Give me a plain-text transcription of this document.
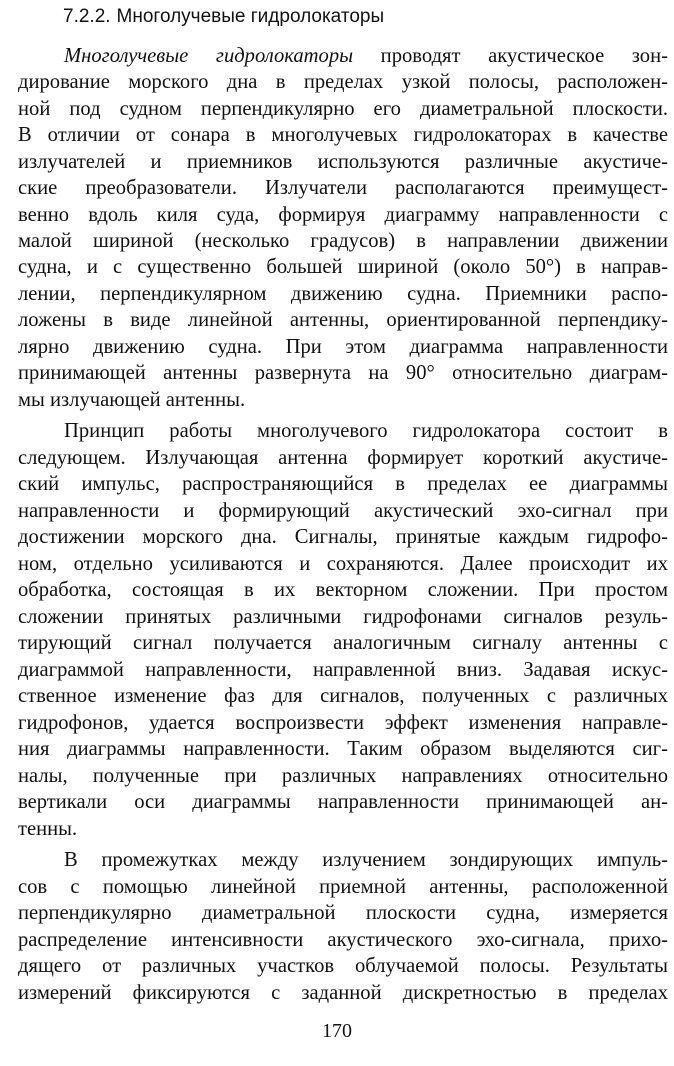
7.2.2. Многолучевые гидролокаторы
Многолучевые гидролокаторы проводят акустическое зон-
дирование морского дна в пределах узкой полосы, расположен-
ной под судном перпендикулярно его диаметральной плоскости.
В отличии от сонара в многолучевых гидролокаторах в качестве
излучателей и приемников используются различные акустиче-
ские преобразователи. Излучатели располагаются преимущест-
венно вдоль киля суда, формируя диаграмму направленности с
малой шириной (несколько градусов) в направлении движении
судна, и с существенно большей шириной (около 50°) в направ-
лении, перпендикулярном движению судна. Приемники распо-
ложены в виде линейной антенны, ориентированной перпендику-
лярно движению судна. При этом диаграмма направленности
принимающей антенны развернута на 90° относительно диаграм-
мы излучающей антенны.
Принцип работы многолучевого гидролокатора состоит в
следующем. Излучающая антенна формирует короткий акустиче-
ский импульс, распространяющийся в пределах ее диаграммы
направленности и формирующий акустический эхо-сигнал при
достижении морского дна. Сигналы, принятые каждым гидрофо-
ном, отдельно усиливаются и сохраняются. Далее происходит их
обработка, состоящая в их векторном сложении. При простом
сложении принятых различными гидрофонами сигналов резуль-
тирующий сигнал получается аналогичным сигналу антенны с
диаграммой направленности, направленной вниз. Задавая искус-
ственное изменение фаз для сигналов, полученных с различных
гидрофонов, удается воспроизвести эффект изменения направле-
ния диаграммы направленности. Таким образом выделяются сиг-
налы, полученные при различных направлениях относительно
вертикали оси диаграммы направленности принимающей ан-
тенны.
В промежутках между излучением зондирующих импуль-
сов с помощью линейной приемной антенны, расположенной
перпендикулярно диаметральной плоскости судна, измеряется
распределение интенсивности акустического эхо-сигнала, прихо-
дящего от различных участков облучаемой полосы. Результаты
измерений фиксируются с заданной дискретностью в пределах
170
